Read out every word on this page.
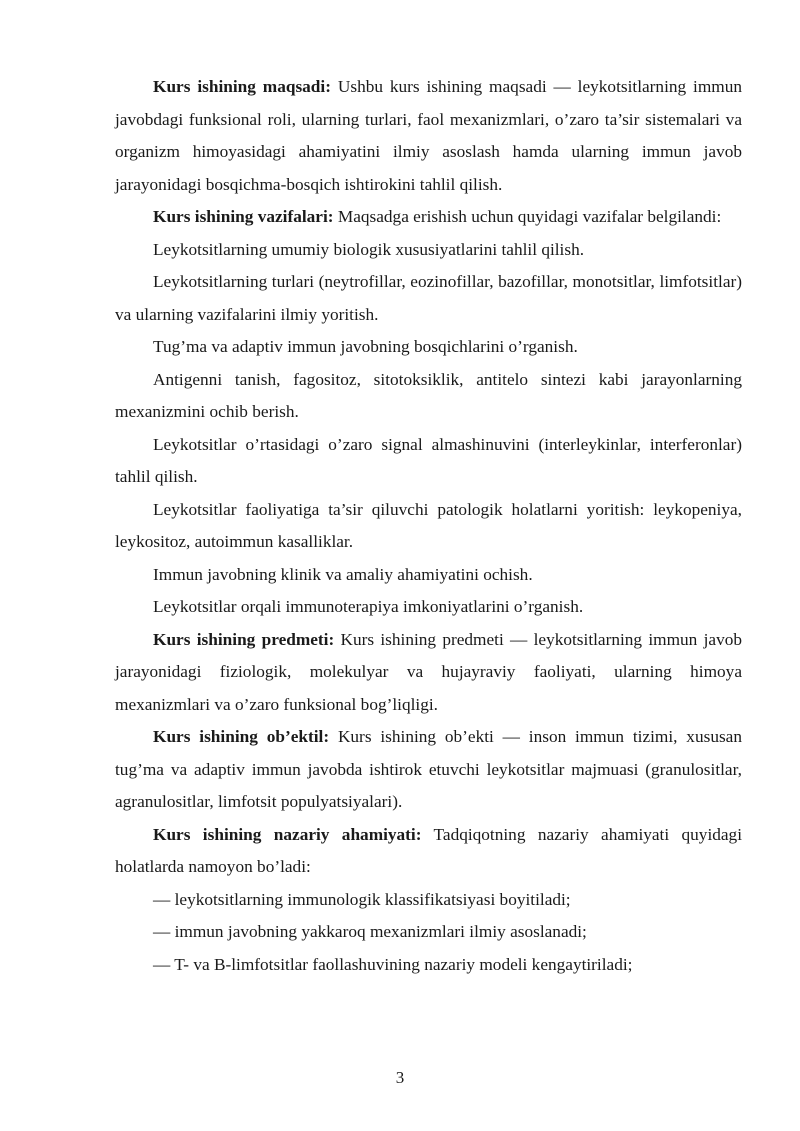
Kurs ishining maqsadi: Ushbu kurs ishining maqsadi — leykotsitlarning immun javobdagi funksional roli, ularning turlari, faol mexanizmlari, o’zaro ta’sir sistemalari va organizm himoyasidagi ahamiyatini ilmiy asoslash hamda ularning immun javob jarayonidagi bosqichma-bosqich ishtirokini tahlil qilish.

Kurs ishining vazifalari: Maqsadga erishish uchun quyidagi vazifalar belgilandi:

Leykotsitlarning umumiy biologik xususiyatlarini tahlil qilish.

Leykotsitlarning turlari (neytrofillar, eozinofillar, bazofillar, monotsitlar, limfotsitlar) va ularning vazifalarini ilmiy yoritish.

Tug’ma va adaptiv immun javobning bosqichlarini o’rganish.

Antigenni tanish, fagositoz, sitotoksiklik, antitelo sintezi kabi jarayonlarning mexanizmini ochib berish.

Leykotsitlar o’rtasidagi o’zaro signal almashinuvini (interleykinlar, interferonlar) tahlil qilish.

Leykotsitlar faoliyatiga ta’sir qiluvchi patologik holatlarni yoritish: leykopeniya, leykositoz, autoimmun kasalliklar.

Immun javobning klinik va amaliy ahamiyatini ochish.

Leykotsitlar orqali immunoterapiya imkoniyatlarini o’rganish.

Kurs ishining predmeti: Kurs ishining predmeti — leykotsitlarning immun javob jarayonidagi fiziologik, molekulyar va hujayraviy faoliyati, ularning himoya mexanizmlari va o’zaro funksional bog’liqligi.

Kurs ishining ob’ektil: Kurs ishining ob’ekti — inson immun tizimi, xususan tug’ma va adaptiv immun javobda ishtirok etuvchi leykotsitlar majmuasi (granulositlar, agranulositlar, limfotsit populyatsiyalari).

Kurs ishining nazariy ahamiyati: Tadqiqotning nazariy ahamiyati quyidagi holatlarda namoyon bo’ladi:

— leykotsitlarning immunologik klassifikatsiyasi boyitiladi;

— immun javobning yakkaroq mexanizmlari ilmiy asoslanadi;

— T- va B-limfotsitlar faollashuvining nazariy modeli kengaytiriladi;

3
